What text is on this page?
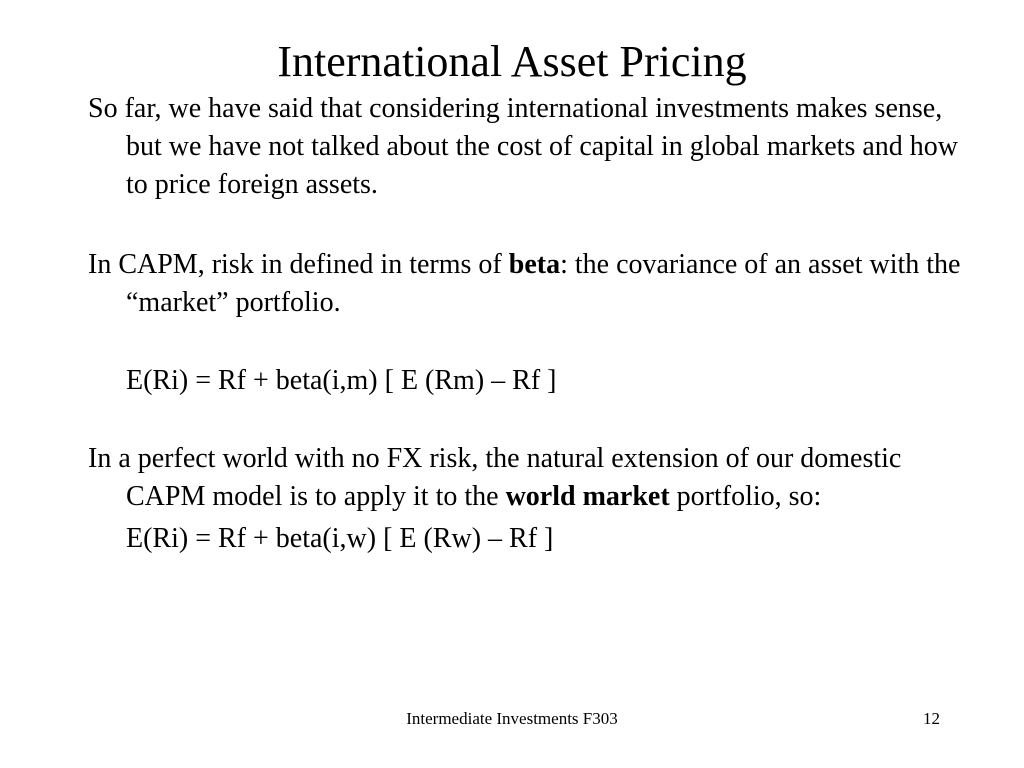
International Asset Pricing

So far, we have said that considering international investments makes sense, but we have not talked about the cost of capital in global markets and how to price foreign assets.

In CAPM, risk in defined in terms of beta: the covariance of an asset with the “market” portfolio.

E(Ri) = Rf + beta(i,m) [ E (Rm) – Rf ]

In a perfect world with no FX risk, the natural extension of our domestic CAPM model is to apply it to the world market portfolio, so:

E(Ri) = Rf + beta(i,w) [ E (Rw) – Rf ]

Intermediate Investments F303	12
